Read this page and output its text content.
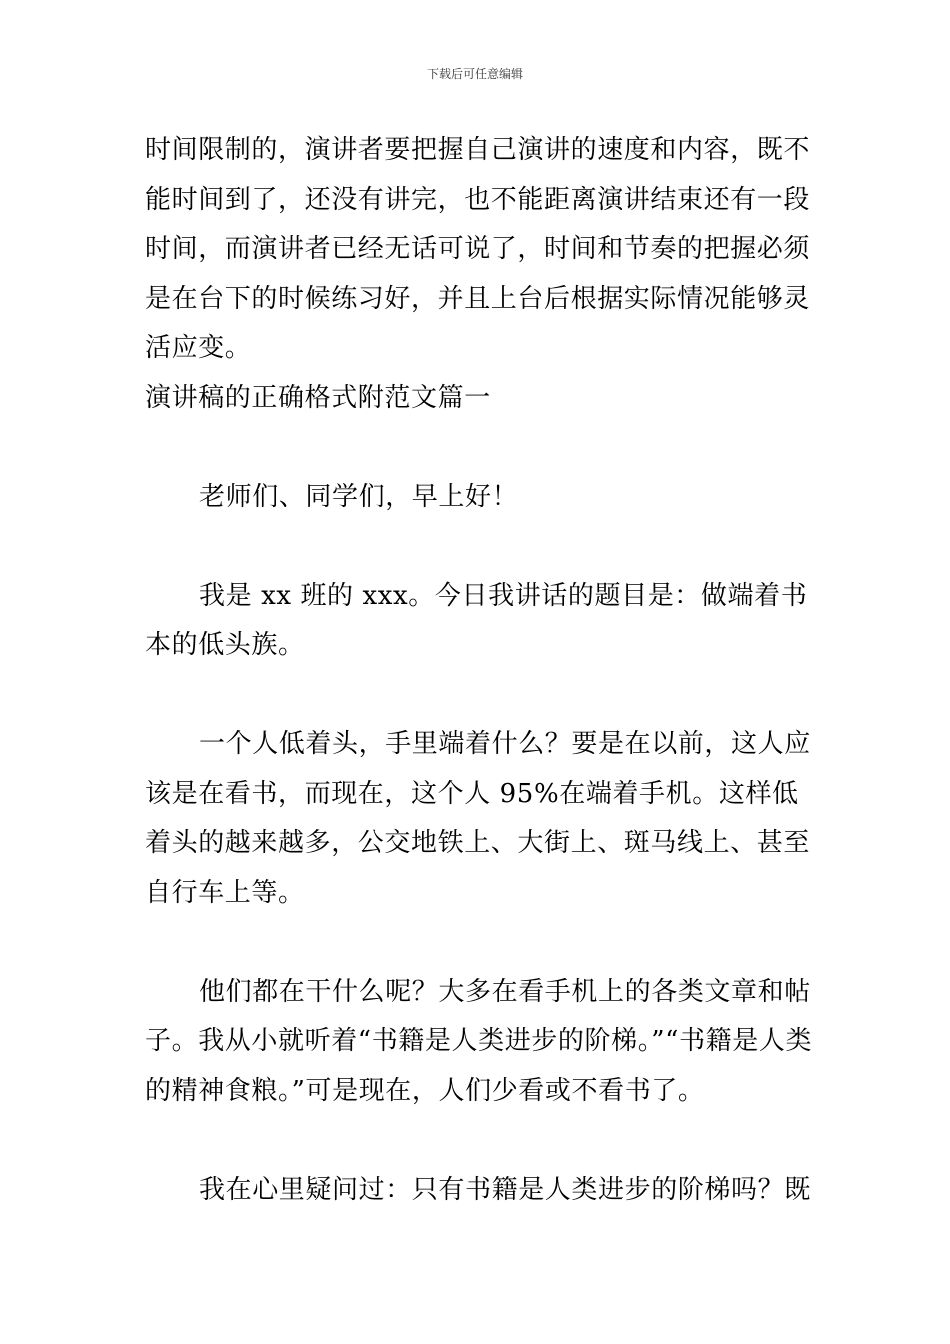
下载后可任意编辑

时间限制的，演讲者要把握自己演讲的速度和内容，既不能时间到了，还没有讲完，也不能距离演讲结束还有一段时间，而演讲者已经无话可说了，时间和节奏的把握必须是在台下的时候练习好，并且上台后根据实际情况能够灵活应变。

演讲稿的正确格式附范文篇一

老师们、同学们，早上好！

我是 xx 班的 xxx。今日我讲话的题目是：做端着书本的低头族。

一个人低着头，手里端着什么？要是在以前，这人应该是在看书，而现在，这个人 95%在端着手机。这样低着头的越来越多，公交地铁上、大街上、斑马线上、甚至自行车上等。

他们都在干什么呢？大多在看手机上的各类文章和帖子。我从小就听着“书籍是人类进步的阶梯。”“书籍是人类的精神食粮。”可是现在，人们少看或不看书了。

我在心里疑问过：只有书籍是人类进步的阶梯吗？既
